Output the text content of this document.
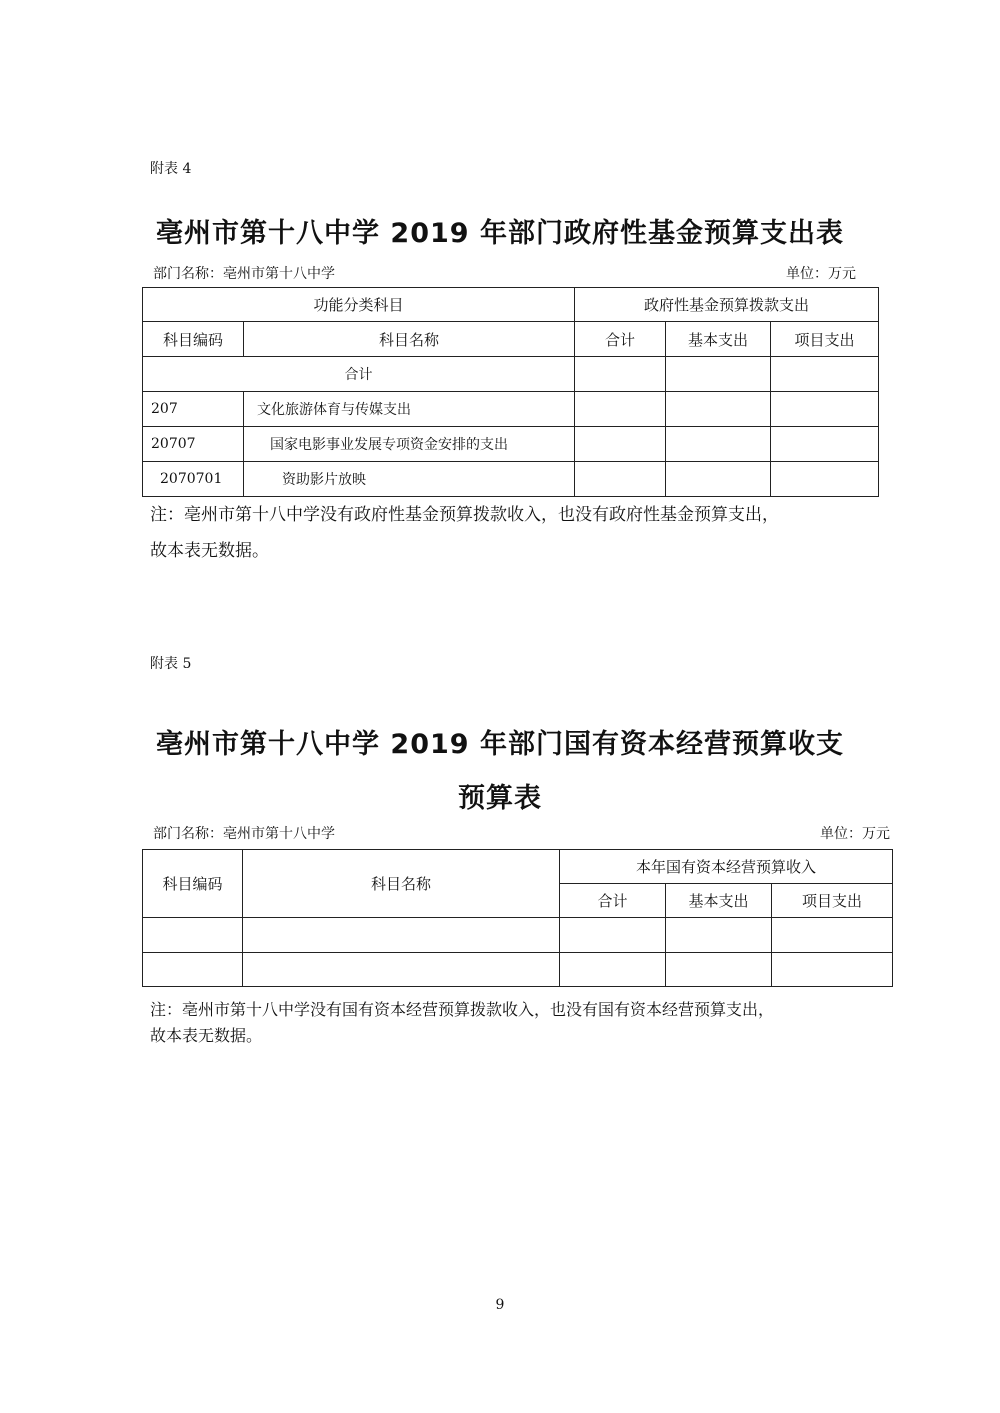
附表 4
亳州市第十八中学 2019 年部门政府性基金预算支出表
部门名称：亳州市第十八中学	单位：万元
功能分类科目		政府性基金预算拨款支出		
科目编码	科目名称	合计	基本支出	项目支出
合计				
207	文化旅游体育与传媒支出			
20707	国家电影事业发展专项资金安排的支出			
2070701	资助影片放映			
注：亳州市第十八中学没有政府性基金预算拨款收入，也没有政府性基金预算支出，
故本表无数据。
附表 5
亳州市第十八中学 2019 年部门国有资本经营预算收支
预算表
部门名称：亳州市第十八中学	单位：万元
科目编码	科目名称	本年国有资本经营预算收入		
		合计	基本支出	项目支出

注：亳州市第十八中学没有国有资本经营预算拨款收入，也没有国有资本经营预算支出，
故本表无数据。
9
